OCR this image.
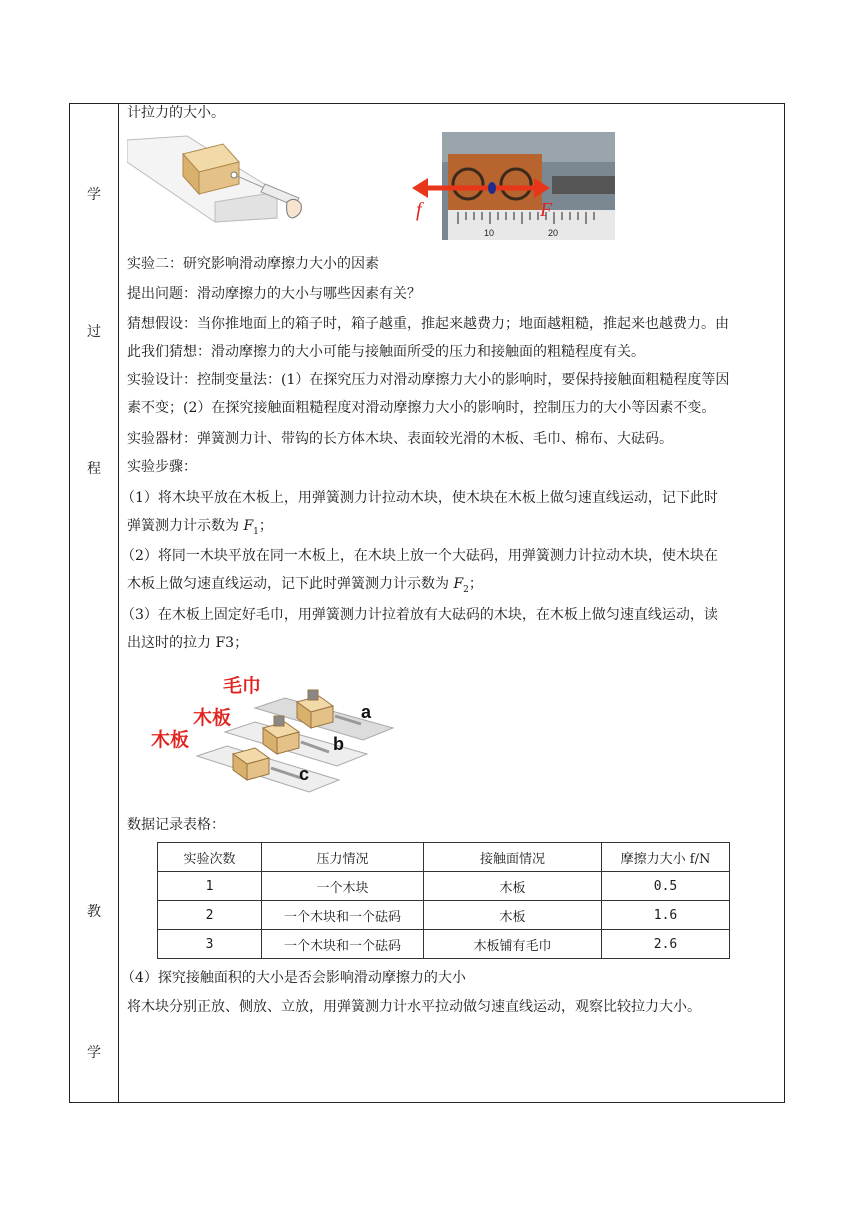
学
过
程
教
学
计拉力的大小。
10	20
f	F
实验二：研究影响滑动摩擦力大小的因素
提出问题：滑动摩擦力的大小与哪些因素有关？
猜想假设：当你推地面上的箱子时，箱子越重，推起来越费力；地面越粗糙，推起来也越费力。由
此我们猜想：滑动摩擦力的大小可能与接触面所受的压力和接触面的粗糙程度有关。
实验设计：控制变量法：(1）在探究压力对滑动摩擦力大小的影响时，要保持接触面粗糙程度等因
素不变；(2）在探究接触面粗糙程度对滑动摩擦力大小的影响时，控制压力的大小等因素不变。
实验器材：弹簧测力计、带钩的长方体木块、表面较光滑的木板、毛巾、棉布、大砝码。
实验步骤：
（1）将木块平放在木板上，用弹簧测力计拉动木块，使木块在木板上做匀速直线运动，记下此时
弹簧测力计示数为 $F_1$；
（2）将同一木块平放在同一木板上，在木块上放一个大砝码，用弹簧测力计拉动木块，使木块在
木板上做匀速直线运动，记下此时弹簧测力计示数为 $F_2$；
（3）在木板上固定好毛巾，用弹簧测力计拉着放有大砝码的木块，在木板上做匀速直线运动，读
出这时的拉力 F3；
毛巾
木板
木板
a
b
c
数据记录表格：
（4）探究接触面积的大小是否会影响滑动摩擦力的大小
将木块分别正放、侧放、立放，用弹簧测力计水平拉动做匀速直线运动，观察比较拉力大小。
实验次数	压力情况	接触面情况	摩擦力大小 f/N
1	一个木块	木板	0.5
2	一个木块和一个砝码	木板	1.6
3	一个木块和一个砝码	木板铺有毛巾	2.6
